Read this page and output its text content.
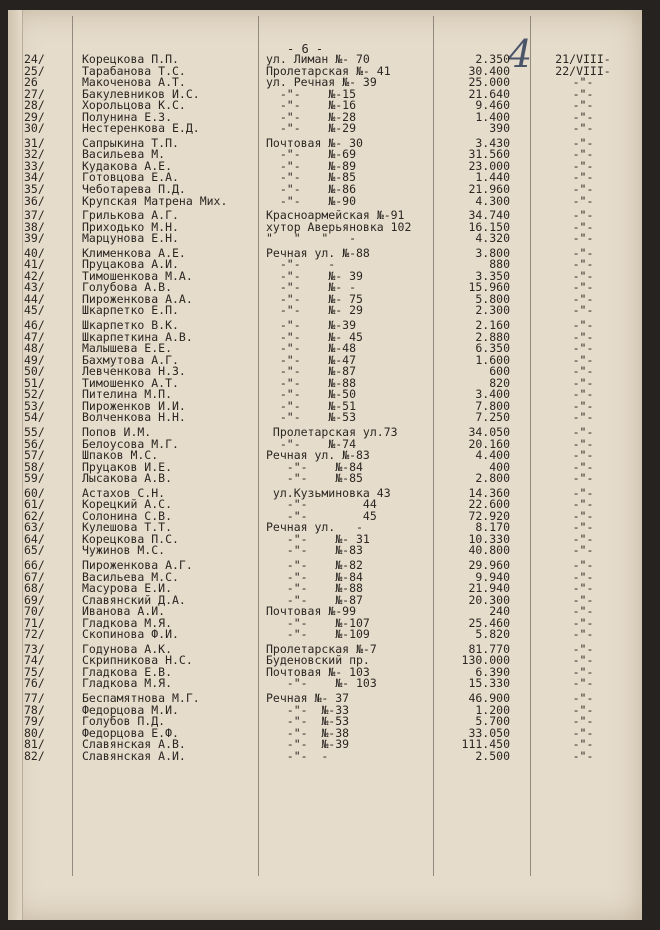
- 6 -	4
24/	Корецкова П.П.	ул. Лиман №- 70	2.350	21/VIII-
25/	Тарабанова Т.С.	Пролетарская №- 41	30.400	22/VIII-
26	Макоченова А.Т.	ул. Речная №- 39	25.000	-"-
27/	Бакулевников И.С.	-"-    №-15	21.640	-"-
28/	Хорольцова К.С.	-"-    №-16	9.460	-"-
29/	Полунина Е.З.	-"-    №-28	1.400	-"-
30/	Нестеренкова Е.Д.	-"-    №-29	390	-"-
31/	Сапрыкина Т.П.	Почтовая №- 30	3.430	-"-
32/	Васильева М.	-"-    №-69	31.560	-"-
33/	Кудакова А.Е.	-"-    №-89	23.000	-"-
34/	Готовцова Е.А.	-"-    №-85	1.440	-"-
35/	Чеботарева П.Д.	-"-    №-86	21.960	-"-
36/	Крупская Матрена Мих.	-"-    №-90	4.300	-"-
37/	Грилькова А.Г.	Красноармейская №-91	34.740	-"-
38/	Приходько М.Н.	хутор Аверьяновка 102	16.150	-"-
39/	Марцунова Е.Н.	"   "   "   -	4.320	-"-
40/	Клименкова А.Е.	Речная ул. №-88	3.800	-"-
41/	Пруцакова А.И.	-"-    -	880	-"-
42/	Тимошенкова М.А.	-"-    №- 39	3.350	-"-
43/	Голубова А.В.	-"-    №- -	15.960	-"-
44/	Пироженкова А.А.	-"-    №- 75	5.800	-"-
45/	Шкарпетко Е.П.	-"-    №- 29	2.300	-"-
46/	Шкарпетко В.К.	-"-    №-39	2.160	-"-
47/	Шкарпеткина А.В.	-"-    №- 45	2.880	-"-
48/	Малышева Е.Е.	-"-    №-48	6.350	-"-
49/	Бахмутова А.Г.	-"-    №-47	1.600	-"-
50/	Левченкова Н.З.	-"-    №-87	600	-"-
51/	Тимошенко А.Т.	-"-    №-88	820	-"-
52/	Пителина М.П.	-"-    №-50	3.400	-"-
53/	Пироженков И.И.	-"-    №-51	7.800	-"-
54/	Волченкова Н.Н.	-"-    №-53	7.250	-"-
55/	Попов И.М.	Пролетарская ул.73	34.050	-"-
56/	Белоусова М.Г.	-"-    №-74	20.160	-"-
57/	Шпаков М.С.	Речная ул. №-83	4.400	-"-
58/	Пруцаков И.Е.	-"-    №-84	400	-"-
59/	Лысакова А.В.	-"-    №-85	2.800	-"-
60/	Астахов С.Н.	ул.Кузьминовка 43	14.360	-"-
61/	Корецкий А.С.	-"-        44	22.600	-"-
62/	Солонина С.В.	-"-        45	72.920	-"-
63/	Кулешова Т.Т.	Речная ул.   -	8.170	-"-
64/	Корецкова П.С.	-"-    №- 31	10.330	-"-
65/	Чужинов М.С.	-"-    №-83	40.800	-"-
66/	Пироженкова А.Г.	-"-    №-82	29.960	-"-
67/	Васильева М.С.	-"-    №-84	9.940	-"-
68/	Масурова Е.И.	-"-    №-88	21.940	-"-
69/	Славянский Д.А.	-"-    №-87	20.300	-"-
70/	Иванова А.И.	Почтовая №-99	240	-"-
71/	Гладкова М.Я.	-"-    №-107	25.460	-"-
72/	Скопинова Ф.И.	-"-    №-109	5.820	-"-
73/	Годунова А.К.	Пролетарская №-7	81.770	-"-
74/	Скрипникова Н.С.	Буденовский пр.	130.000	-"-
75/	Гладкова Е.В.	Почтовая №- 103	6.390	-"-
76/	Гладкова М.Я.	-"-    №- 103	15.330	-"-
77/	Беспамятнова М.Г.	Речная №- 37	46.900	-"-
78/	Федорцова М.И.	-"-  №-33	1.200	-"-
79/	Голубов П.Д.	-"-  №-53	5.700	-"-
80/	Федорцова Е.Ф.	-"-  №-38	33.050	-"-
81/	Славянская А.В.	-"-  №-39	111.450	-"-
82/	Славянская А.И.	-"-  -	2.500	-"-
